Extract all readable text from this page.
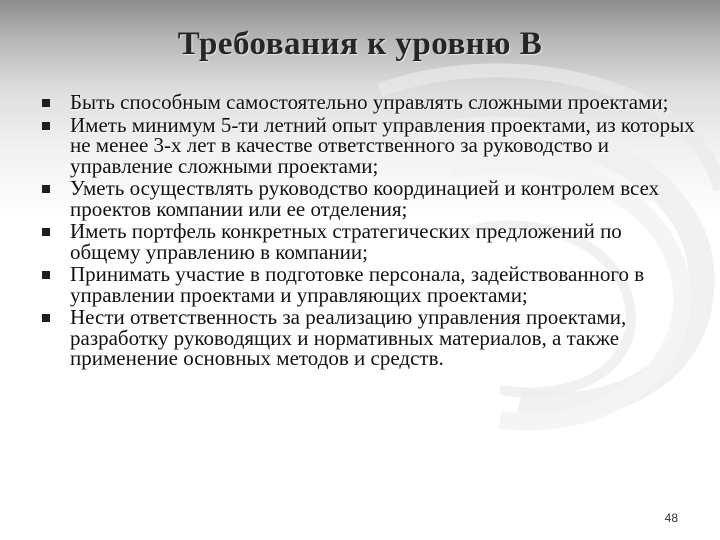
Требования к уровню B
Быть способным самостоятельно управлять сложными проектами;
Иметь минимум 5-ти летний опыт управления проектами, из которых не менее 3-х лет в качестве ответственного за руководство и управление сложными проектами;
Уметь осуществлять руководство координацией и контролем всех проектов компании или ее отделения;
Иметь портфель конкретных стратегических предложений по общему управлению в компании;
Принимать участие в подготовке персонала, задействованного в управлении проектами и управляющих проектами;
Нести ответственность за реализацию управления проектами, разработку руководящих и нормативных материалов, а также применение основных методов и средств.
48
